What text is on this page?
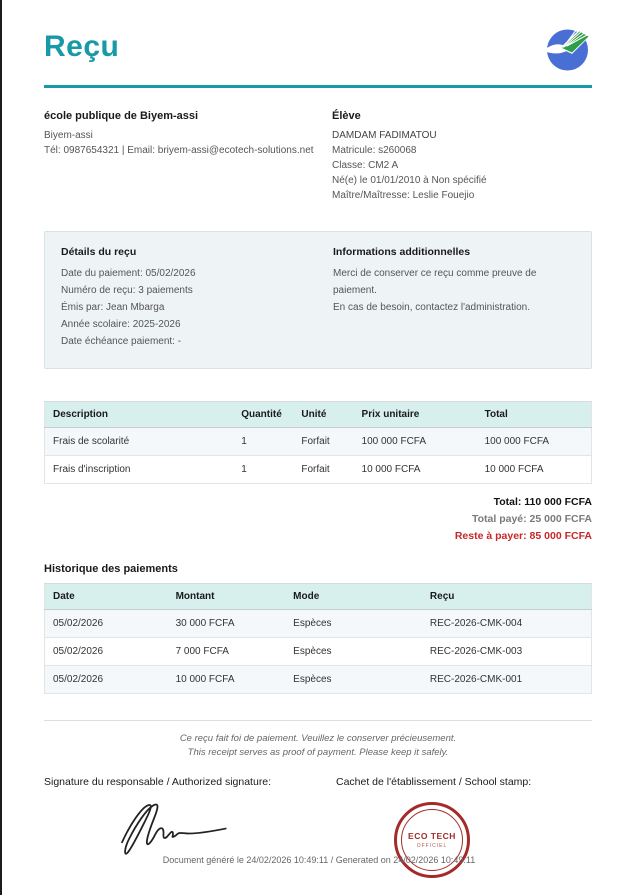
Reçu
école publique de Biyem-assi
Biyem-assi
Tél: 0987654321 | Email: briyem-assi@ecotech-solutions.net
Élève
DAMDAM FADIMATOU
Matricule: s260068
Classe: CM2 A
Né(e) le 01/01/2010 à Non spécifié
Maître/Maîtresse: Leslie Fouejio
Détails du reçu
Date du paiement: 05/02/2026
Numéro de reçu: 3 paiements
Émis par: Jean Mbarga
Année scolaire: 2025-2026
Date échéance paiement: -
Informations additionnelles
Merci de conserver ce reçu comme preuve de paiement.
En cas de besoin, contactez l'administration.
Description	Quantité	Unité	Prix unitaire	Total
Frais de scolarité	1	Forfait	100 000 FCFA	100 000 FCFA
Frais d'inscription	1	Forfait	10 000 FCFA	10 000 FCFA
Total: 110 000 FCFA
Total payé: 25 000 FCFA
Reste à payer: 85 000 FCFA
Historique des paiements
Date	Montant	Mode	Reçu
05/02/2026	30 000 FCFA	Espèces	REC-2026-CMK-004
05/02/2026	7 000 FCFA	Espèces	REC-2026-CMK-003
05/02/2026	10 000 FCFA	Espèces	REC-2026-CMK-001
Ce reçu fait foi de paiement. Veuillez le conserver précieusement.
This receipt serves as proof of payment. Please keep it safely.
Signature du responsable / Authorized signature:	Cachet de l'établissement / School stamp:
ECO TECH
OFFICIEL
Document généré le 24/02/2026 10:49:11 / Generated on 24/02/2026 10:49:11
